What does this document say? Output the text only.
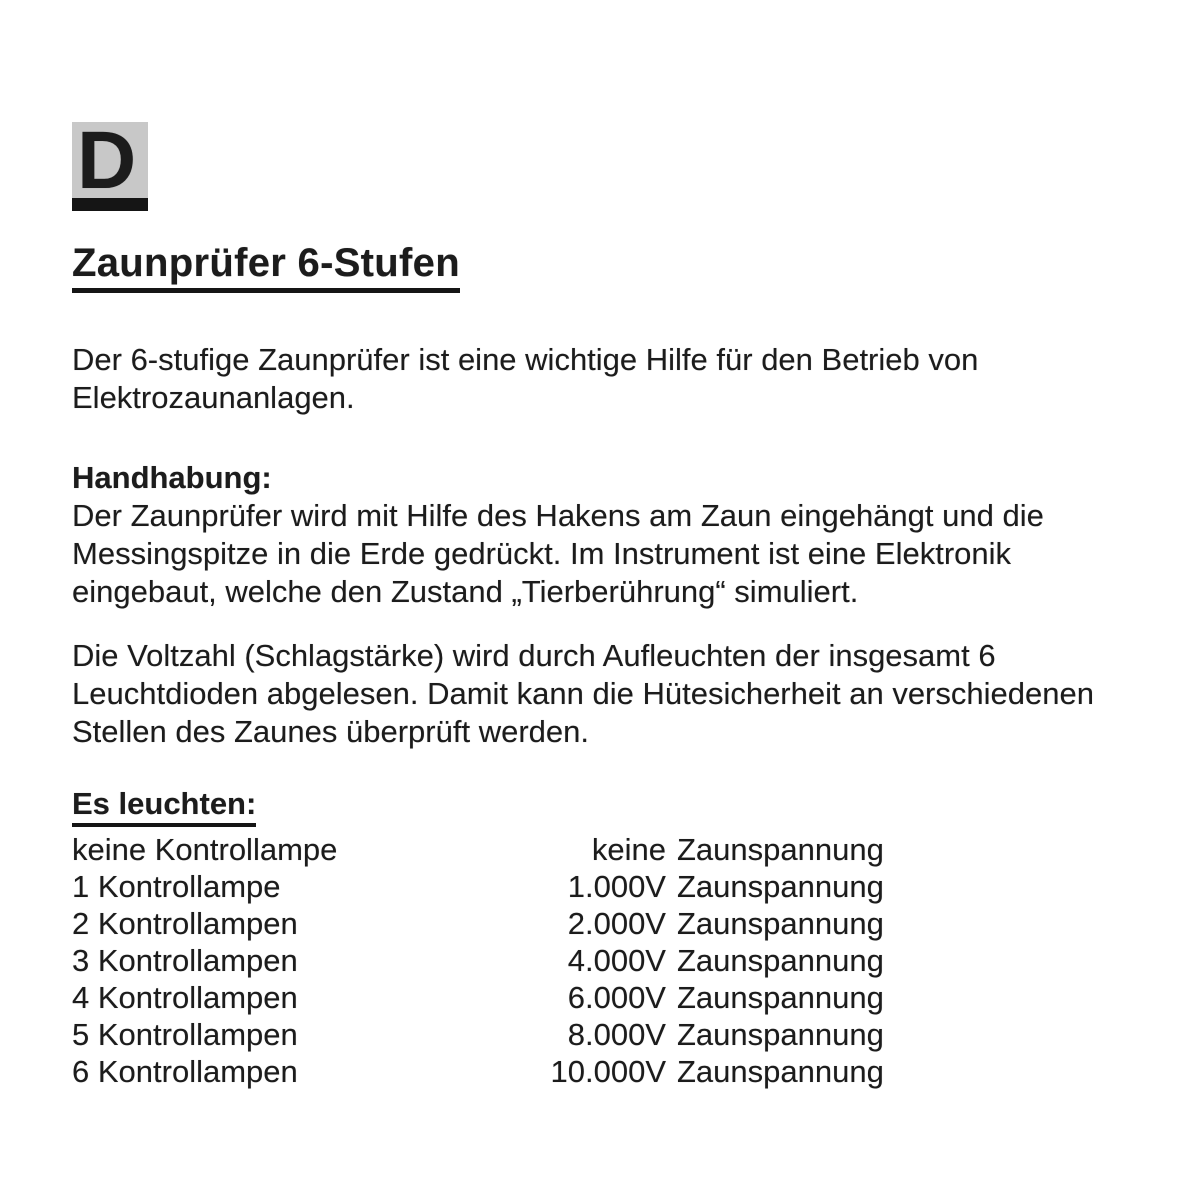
D
Zaunprüfer 6-Stufen
Der 6-stufige Zaunprüfer ist eine wichtige Hilfe für den Betrieb von
Elektrozaunanlagen.
Handhabung:
Der Zaunprüfer wird mit Hilfe des Hakens am Zaun eingehängt und die
Messingspitze in die Erde gedrückt. Im Instrument ist eine Elektronik
eingebaut, welche den Zustand „Tierberührung“ simuliert.
Die Voltzahl (Schlagstärke) wird durch Aufleuchten der insgesamt 6
Leuchtdioden abgelesen. Damit kann die Hütesicherheit an verschiedenen
Stellen des Zaunes überprüft werden.
Es leuchten:
keine Kontrollampe	keine Zaunspannung
1 Kontrollampe	1.000V Zaunspannung
2 Kontrollampen	2.000V Zaunspannung
3 Kontrollampen	4.000V Zaunspannung
4 Kontrollampen	6.000V Zaunspannung
5 Kontrollampen	8.000V Zaunspannung
6 Kontrollampen	10.000V Zaunspannung
